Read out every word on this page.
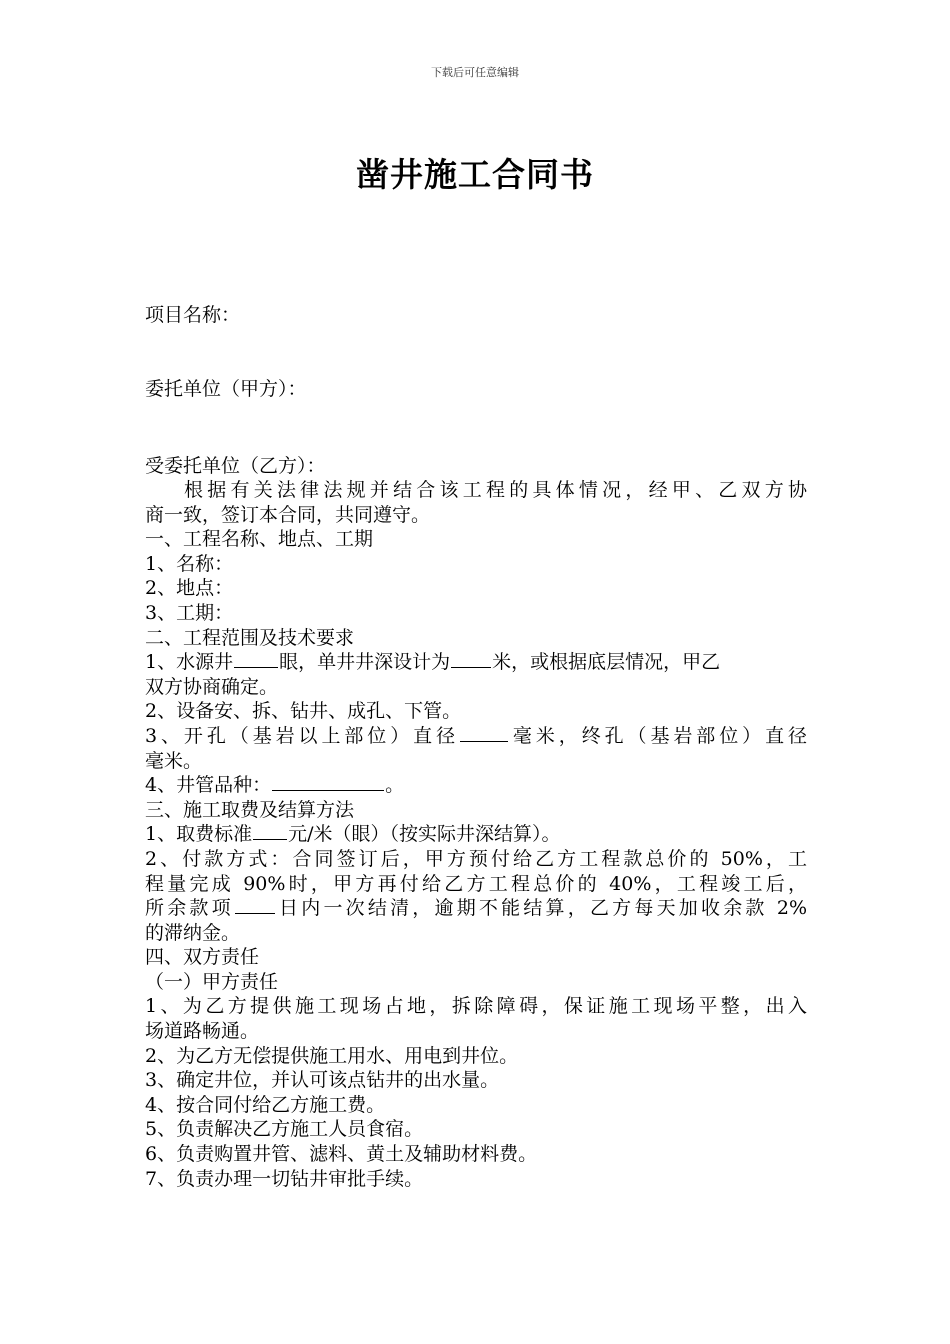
下载后可任意编辑
凿井施工合同书
项目名称：
委托单位（甲方）：
受委托单位（乙方）：
根据有关法律法规并结合该工程的具体情况，经甲、乙双方协
商一致，签订本合同，共同遵守。
一、工程名称、地点、工期
1、名称：
2、地点：
3、工期：
二、工程范围及技术要求
1、水源井 眼，单井井深设计为 米，或根据底层情况，甲乙
双方协商确定。
2、设备安、拆、钻井、成孔、下管。
3、开孔（基岩以上部位）直径	毫米，终孔（基岩部位）直径
毫米。
4、井管品种：	。
三、施工取费及结算方法
1、取费标准 元/米（眼）（按实际井深结算）。
2、付款方式：合同签订后，甲方预付给乙方工程款总价的 50%，工
程量完成 90%时，甲方再付给乙方工程总价的 40%，工程竣工后，
所余款项 日内一次结清，逾期不能结算，乙方每天加收余款 2%
的滞纳金。
四、双方责任
（一）甲方责任
1、为乙方提供施工现场占地，拆除障碍，保证施工现场平整，出入
场道路畅通。
2、为乙方无偿提供施工用水、用电到井位。
3、确定井位，并认可该点钻井的出水量。
4、按合同付给乙方施工费。
5、负责解决乙方施工人员食宿。
6、负责购置井管、滤料、黄土及辅助材料费。
7、负责办理一切钻井审批手续。
